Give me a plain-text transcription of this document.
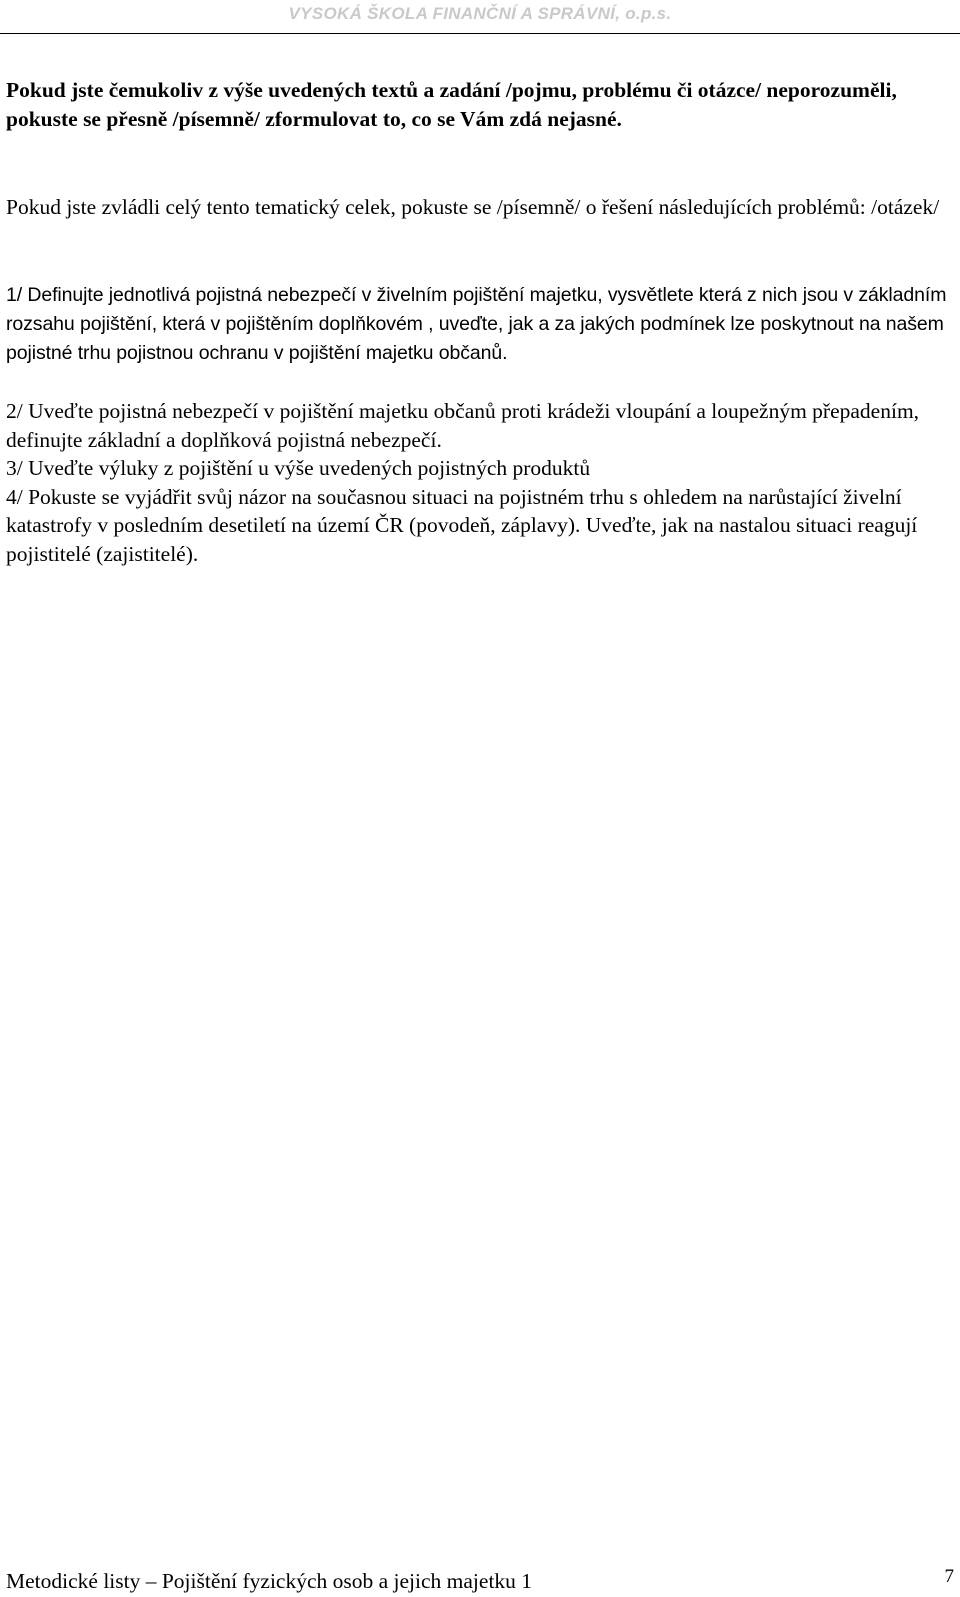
VYSOKÁ ŠKOLA FINANČNÍ A SPRÁVNÍ, o.p.s.

Pokud jste čemukoliv z výše uvedených textů a zadání /pojmu, problému či otázce/ neporozuměli, pokuste se přesně /písemně/ zformulovat to, co se Vám zdá nejasné.

Pokud jste zvládli celý tento tematický celek, pokuste se /písemně/ o řešení následujících problémů: /otázek/

1/ Definujte jednotlivá pojistná nebezpečí v živelním pojištění majetku, vysvětlete která z nich jsou v základním rozsahu pojištění, která v pojištěním doplňkovém , uveďte, jak a za jakých podmínek lze poskytnout na našem pojistné trhu pojistnou ochranu v pojištění majetku občanů.

2/ Uveďte pojistná nebezpečí v pojištění majetku občanů proti krádeži vloupání a loupežným přepadením, definujte základní a doplňková pojistná nebezpečí.
3/ Uveďte výluky z pojištění u výše uvedených pojistných produktů
4/ Pokuste se vyjádřit svůj názor na současnou situaci na pojistném trhu s ohledem na narůstající živelní katastrofy v posledním desetiletí na území ČR (povodeň, záplavy). Uveďte, jak na nastalou situaci reagují pojistitelé (zajistitelé).
Metodické listy – Pojištění fyzických osob a jejich majetku 1	7
